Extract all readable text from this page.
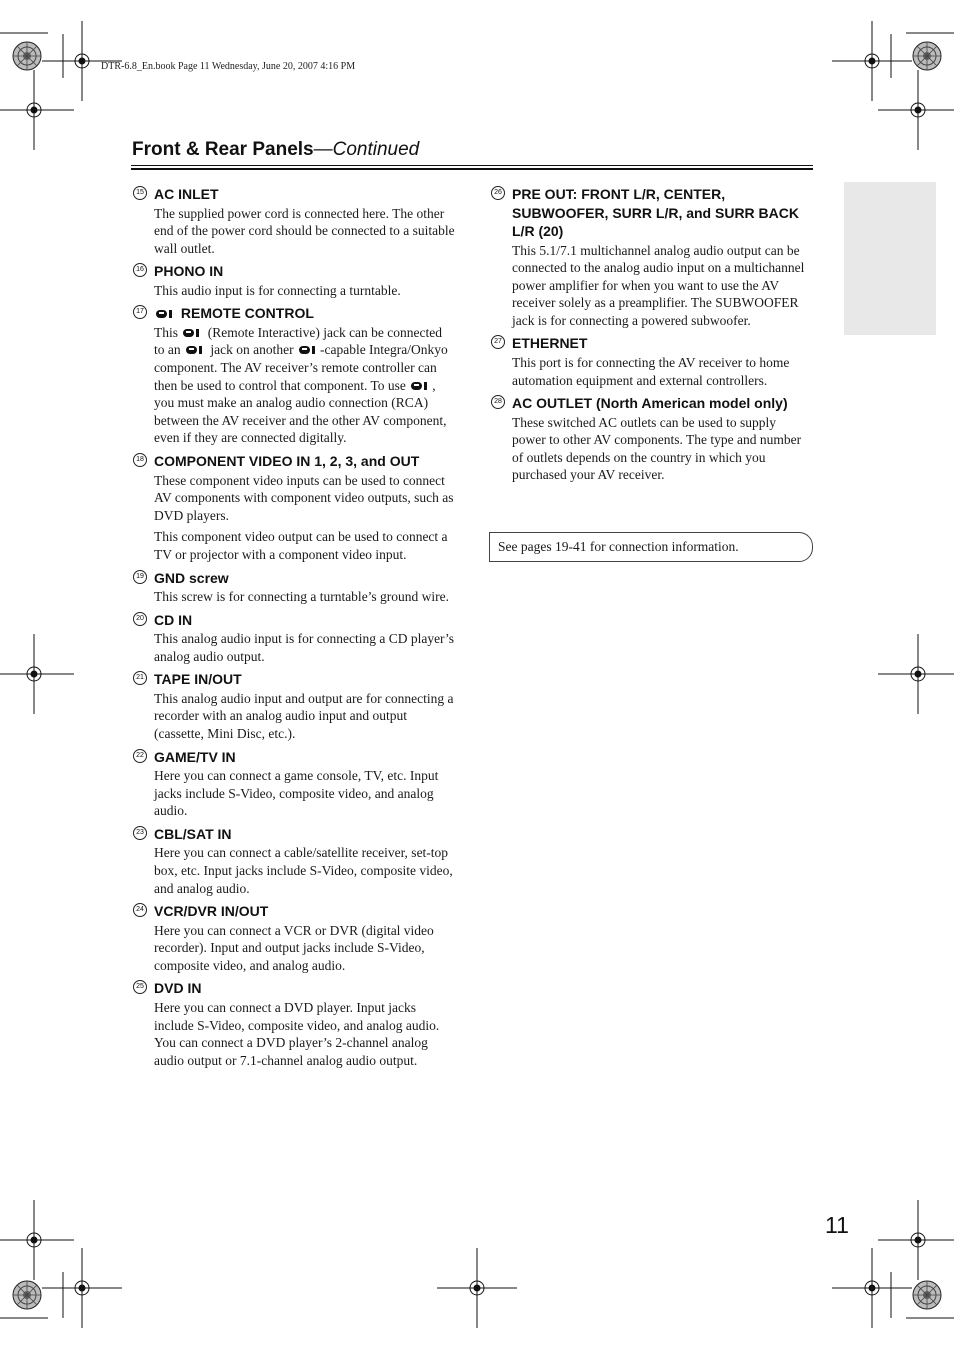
DTR-6.8_En.book Page 11 Wednesday, June 20, 2007 4:16 PM
Front & Rear Panels—Continued
15 AC INLET
The supplied power cord is connected here. The other end of the power cord should be connected to a suitable wall outlet.
16 PHONO IN
This audio input is for connecting a turntable.
17	REMOTE CONTROL
This
(Remote Interactive) jack can be connected to an
jack on another
-capable Integra/Onkyo component. The AV receiver’s remote controller can then be used to control that component. To use
, you must make an analog audio connection (RCA) between the AV receiver and the other AV component, even if they are connected digitally.
18 COMPONENT VIDEO IN 1, 2, 3, and OUT
These component video inputs can be used to connect AV components with component video outputs, such as DVD players.
This component video output can be used to connect a TV or projector with a component video input.
19 GND screw
This screw is for connecting a turntable’s ground wire.
20 CD IN
This analog audio input is for connecting a CD player’s analog audio output.
21 TAPE IN/OUT
This analog audio input and output are for connecting a recorder with an analog audio input and output (cassette, Mini Disc, etc.).
22 GAME/TV IN
Here you can connect a game console, TV, etc. Input jacks include S-Video, composite video, and analog audio.
23 CBL/SAT IN
Here you can connect a cable/satellite receiver, set-top box, etc. Input jacks include S-Video, composite video, and analog audio.
24 VCR/DVR IN/OUT
Here you can connect a VCR or DVR (digital video recorder). Input and output jacks include S-Video, composite video, and analog audio.
25 DVD IN
Here you can connect a DVD player. Input jacks include S-Video, composite video, and analog audio. You can connect a DVD player’s 2-channel analog audio output or 7.1-channel analog audio output.
26 PRE OUT: FRONT L/R, CENTER, SUBWOOFER, SURR L/R, and SURR BACK L/R (20)
This 5.1/7.1 multichannel analog audio output can be connected to the analog audio input on a multichannel power amplifier for when you want to use the AV receiver solely as a preamplifier. The SUBWOOFER jack is for connecting a powered subwoofer.
27 ETHERNET
This port is for connecting the AV receiver to home automation equipment and external controllers.
28 AC OUTLET (North American model only)
These switched AC outlets can be used to supply power to other AV components. The type and number of outlets depends on the country in which you purchased your AV receiver.
See pages 19-41 for connection information.
11
